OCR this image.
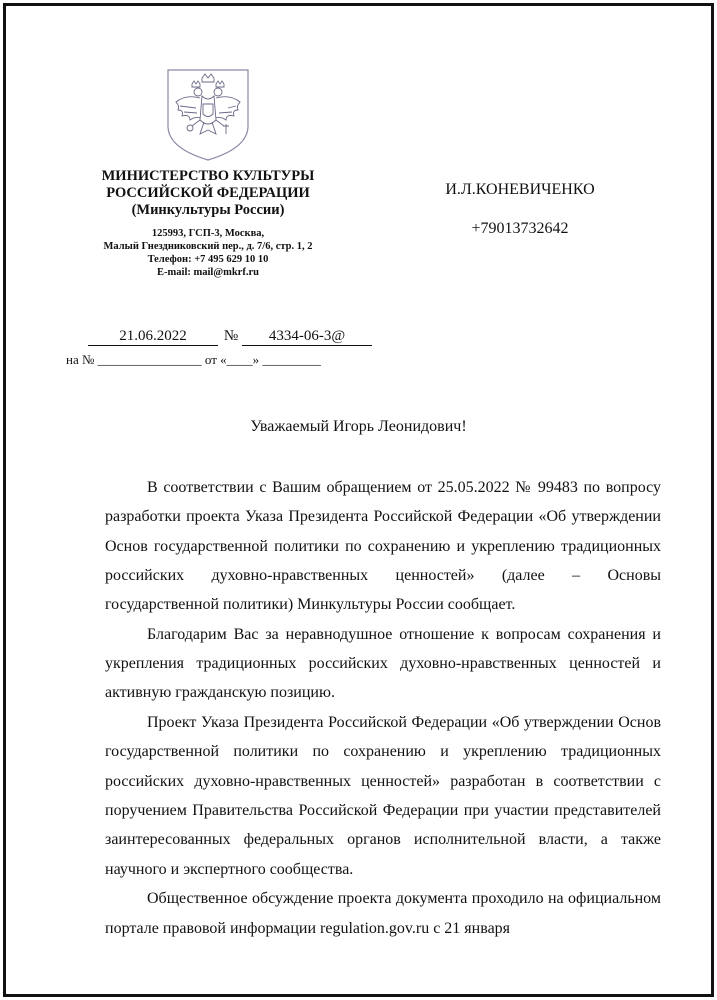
МИНИСТЕРСТВО КУЛЬТУРЫ
РОССИЙСКОЙ ФЕДЕРАЦИИ
(Минкультуры России)
125993, ГСП-3, Москва,
Малый Гнездниковский пер., д. 7/6, стр. 1, 2
Телефон: +7 495 629 10 10
E-mail: mail@mkrf.ru
И.Л.КОНЕВИЧЕНКО
+79013732642
21.06.2022	№	4334-06-3@
на № ________________ от «____» _________
Уважаемый Игорь Леонидович!

В соответствии с Вашим обращением от 25.05.2022 № 99483 по вопросу разработки проекта Указа Президента Российской Федерации «Об утверждении Основ государственной политики по сохранению и укреплению традиционных российских духовно-нравственных ценностей» (далее – Основы государственной политики) Минкультуры России сообщает.

Благодарим Вас за неравнодушное отношение к вопросам сохранения и укрепления традиционных российских духовно-нравственных ценностей и активную гражданскую позицию.

Проект Указа Президента Российской Федерации «Об утверждении Основ государственной политики по сохранению и укреплению традиционных российских духовно-нравственных ценностей» разработан в соответствии с поручением Правительства Российской Федерации при участии представителей заинтересованных федеральных органов исполнительной власти, а также научного и экспертного сообщества.

Общественное обсуждение проекта документа проходило на официальном портале правовой информации regulation.gov.ru с 21 января
